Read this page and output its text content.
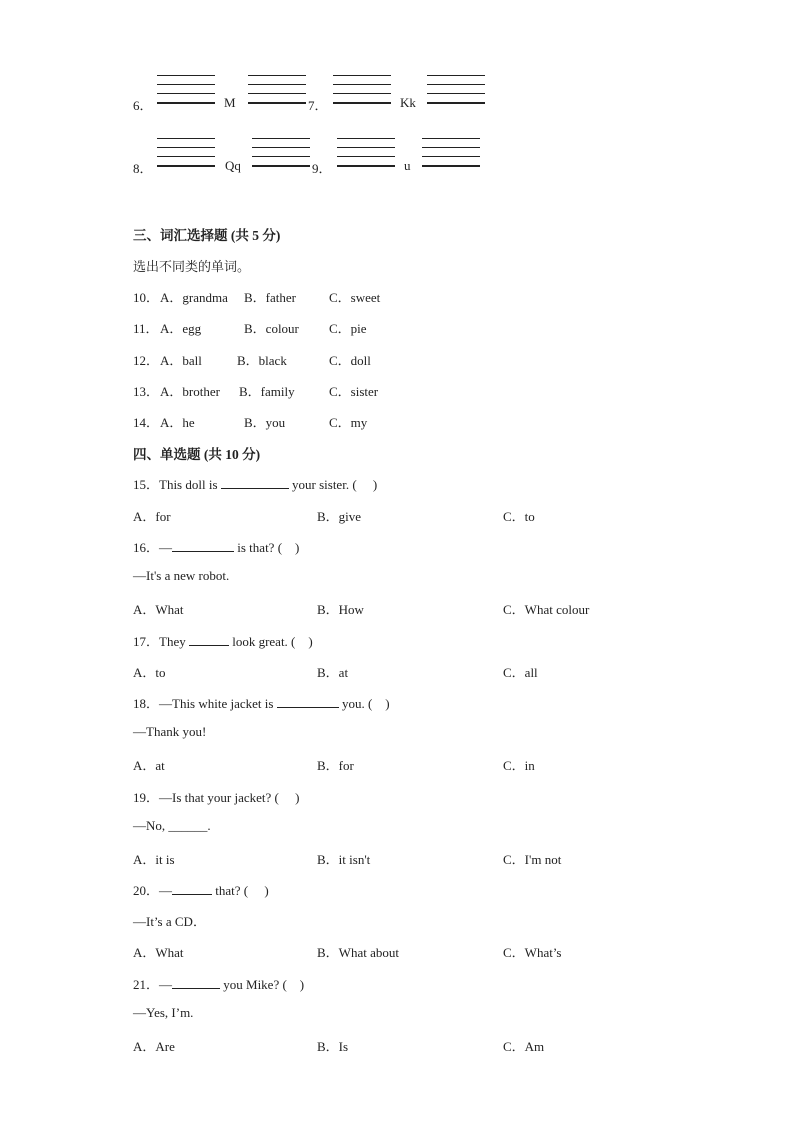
6．	M	7．	Kk
8．	Qq	9．	u
三、词汇选择题 (共 5 分)
选出不同类的单词。
10． A．grandma B．father	C．sweet
11． A．egg	B．colour C．pie
12． A．ball	B．black	C．doll
13． A．brother B．family	C．sister
14． A．he	B．you	C．my
四、单选题 (共 10 分)
15．This doll is	your sister. (　 )
A．for	B．give	C．to
16．—	is that? (　)
—It's a new robot.
A．What	B．How	C．What colour
17．They	look great. (　)
A．to	B．at	C．all
18．—This white jacket is	you. (　)
—Thank you!
A．at	B．for	C．in
19．—Is that your jacket? (　 )
—No, ______.
A．it is	B．it isn't	C．I'm not
20．—	that? (　 )
—It’s a CD．
A．What	B．What about	C．What’s
21．—	you Mike? (　)
—Yes, I’m.
A．Are	B．Is	C．Am
